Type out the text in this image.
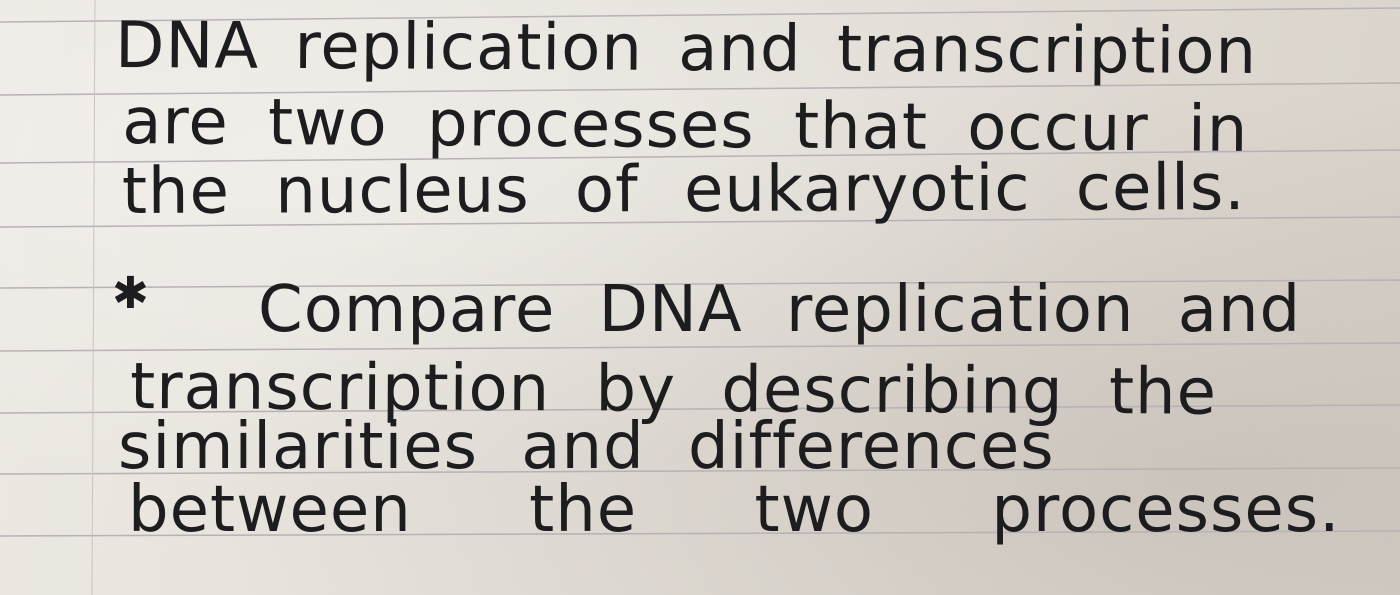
DNA replication and transcription

are two processes that occur in

the nucleus of eukaryotic cells.

✱ Compare DNA replication and

transcription by describing the

similarities and differences

between the two processes.
